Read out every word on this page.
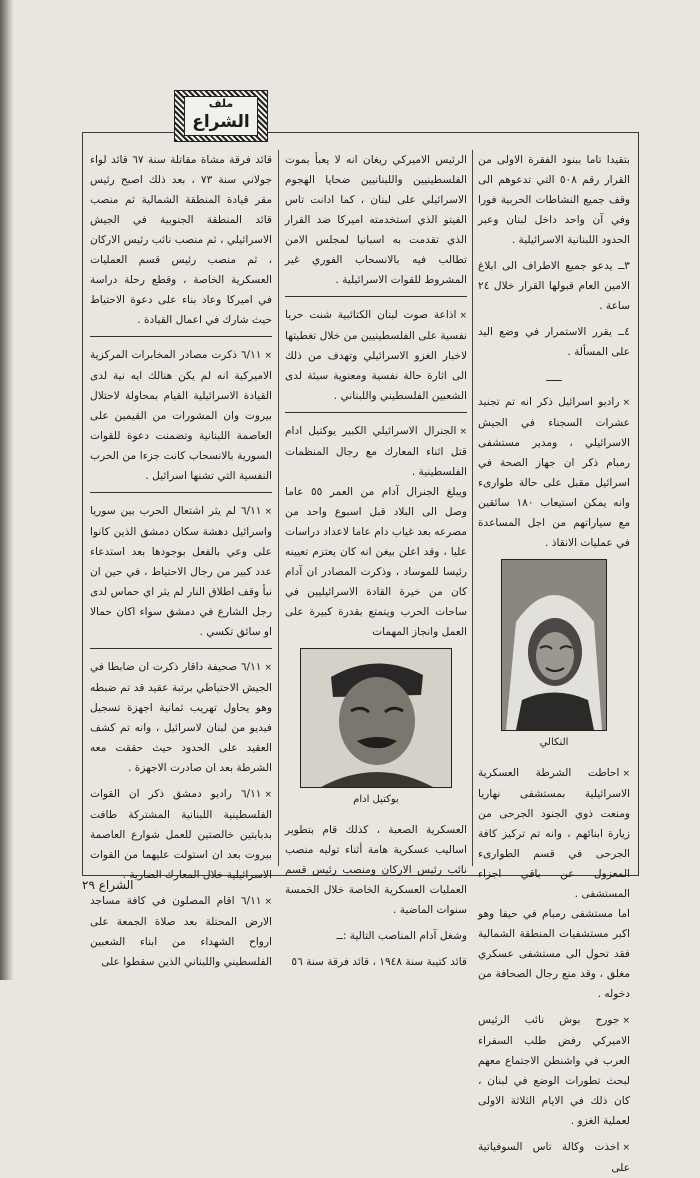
ملف
الشراع

بتقيدا تاما ببنود الفقرة الاولى من القرار رقم ٥٠٨ التي تدعوهم الى وقف جميع النشاطات الحربية فورا وفي آن واحد داخل لبنان وعبر الحدود اللبنانية الاسرائيلية .

٣ــ يدعو جميع الاطراف الى ابلاغ الامين العام قبولها القرار خلال ٢٤ ساعة .

٤ــ يقرر الاستمرار في وضع اليد على المسألة .

ـــــ

×راديو اسرائيل ذكر انه تم تجنيد عشرات السجناء في الجيش الاسرائيلي ، ومدير مستشفى رمبام ذكر ان جهاز الصحة في اسرائيل مقبل على حالة طوارىء وانه يمكن استيعاب ١٨٠ سائقين مع سياراتهم من اجل المساعدة في عمليات الانقاذ .

النكالي

×احاطت الشرطة العسكرية الاسرائيلية بمستشفى نهاريا ومنعت ذوي الجنود الجرحى من زيارة ابنائهم ، وانه تم تركيز كافة الجرحى في قسم الطوارىء المعزول عن باقي اجزاء المستشفى .

اما مستشفى رمبام في حيفا وهو اكبر مستشفيات المنطقة الشمالية فقد تحول الى مستشفى عسكري مغلق ، وقد منع رجال الصحافة من دخوله .

×جورج بوش نائب الرئيس الاميركي رفض طلب السفراء العرب في واشنطن الاجتماع معهم لبحث تطورات الوضع في لبنان ، كان ذلك في الايام الثلاثة الاولى لعملية الغزو .

×اخذت وكالة تاس السوفياتية على

الرئيس الاميركي ريغان انه لا يعبأ بموت الفلسطينيين واللبنانيين ضحايا الهجوم الاسرائيلي على لبنان ، كما ادانت تاس الفيتو الذي استخدمته اميركا ضد القرار الذي تقدمت به اسبانيا لمجلس الامن تطالب فيه بالانسحاب الفوري غير المشروط للقوات الاسرائيلية .

×اذاعة صوت لبنان الكتائبية شنت حربا نفسية على الفلسطينيين من خلال تغطيتها لاخبار الغزو الاسرائيلي وتهدف من ذلك الى اثارة حالة نفسية ومعنوية سيئة لدى الشعبين الفلسطيني واللبناني .

×الجنرال الاسرائيلي الكبير يوكتيل ادام قتل اثناء المعارك مع رجال المنظمات الفلسطينية .

ويبلغ الجنرال آدام من العمر ٥٥ عاما وصل الى البلاد قبل اسبوع واحد من مصرعه بعد غياب دام عاما لاعداد دراسات عليا ، وقد اعلن بيغن انه كان يعتزم تعيينه رئيسا للموساد ، وذكرت المصادر ان آدام كان من خيرة القادة الاسرائيليين في ساحات الحرب ويتمتع بقدرة كبيرة على العمل وانجاز المهمات

بوكتيل ادام

العسكرية الصعبة ، كذلك قام بتطوير اساليب عسكرية هامة أثناء توليه منصب نائب رئيس الاركان ومنصب رئيس قسم العمليات العسكرية الخاصة خلال الخمسة سنوات الماضية .

وشغل آدام المناصب التالية :ــ

قائد كتيبة سنة ١٩٤٨ ، قائد فرقة سنة ٥٦

قائد فرقة مشاة مقاتلة سنة ٦٧ قائد لواء جولاني سنة ٧٣ ، بعد ذلك اصبح رئيس مقر قيادة المنطقة الشمالية ثم منصب قائد المنطقة الجنوبية في الجيش الاسرائيلي ، ثم منصب نائب رئيس الاركان ، ثم منصب رئيس قسم العمليات العسكرية الخاصة ، وقطع رحلة دراسة في اميركا وعاد بناء على دعوة الاحتياط حيث شارك في اعمال القيادة .

×٦/١١ ذكرت مصادر المخابرات المركزية الاميركية انه لم يكن هنالك ايه نية لدى القيادة الاسرائيلية القيام بمحاولة لاحتلال بيروت وان المشورات من القيمين على العاصمة اللبنانية وتضمنت دعوة للقوات السورية بالانسحاب كانت جزءا من الحرب النفسية التي تشنها اسرائيل .

×٦/١١ لم يثر اشتعال الحرب بين سوريا واسرائيل دهشة سكان دمشق الذين كانوا على وعي بالفعل بوجودها بعد استدعاء عدد كبير من رجال الاحتياط ، في حين ان نبأ وقف اطلاق النار لم يثر اي حماس لدى رجل الشارع في دمشق سواء اكان حمالا او سائق تكسي .

×٦/١١ صحيفة داقار ذكرت ان ضابطا في الجيش الاحتياطي برتبة عقيد قد تم ضبطه وهو يحاول تهريب ثمانية اجهزة تسجيل فيديو من لبنان لاسرائيل ، وانه تم كشف العقيد على الحدود حيث حققت معه الشرطة بعد ان صادرت الاجهزة .

×٦/١١ راديو دمشق ذكر ان القوات الفلسطينية اللبنانية المشتركة طافت بدبابتين خالصتين للعمل شوارع العاصمة بيروت بعد ان استولت عليهما من القوات الاسرائيلية خلال المعارك الضارية .

×٦/١١ اقام المصلون في كافة مساجد الارض المحتلة بعد صلاة الجمعة على ارواح الشهداء من ابناء الشعبين الفلسطيني واللبناني الذين سقطوا على

الشراع ٢٩
